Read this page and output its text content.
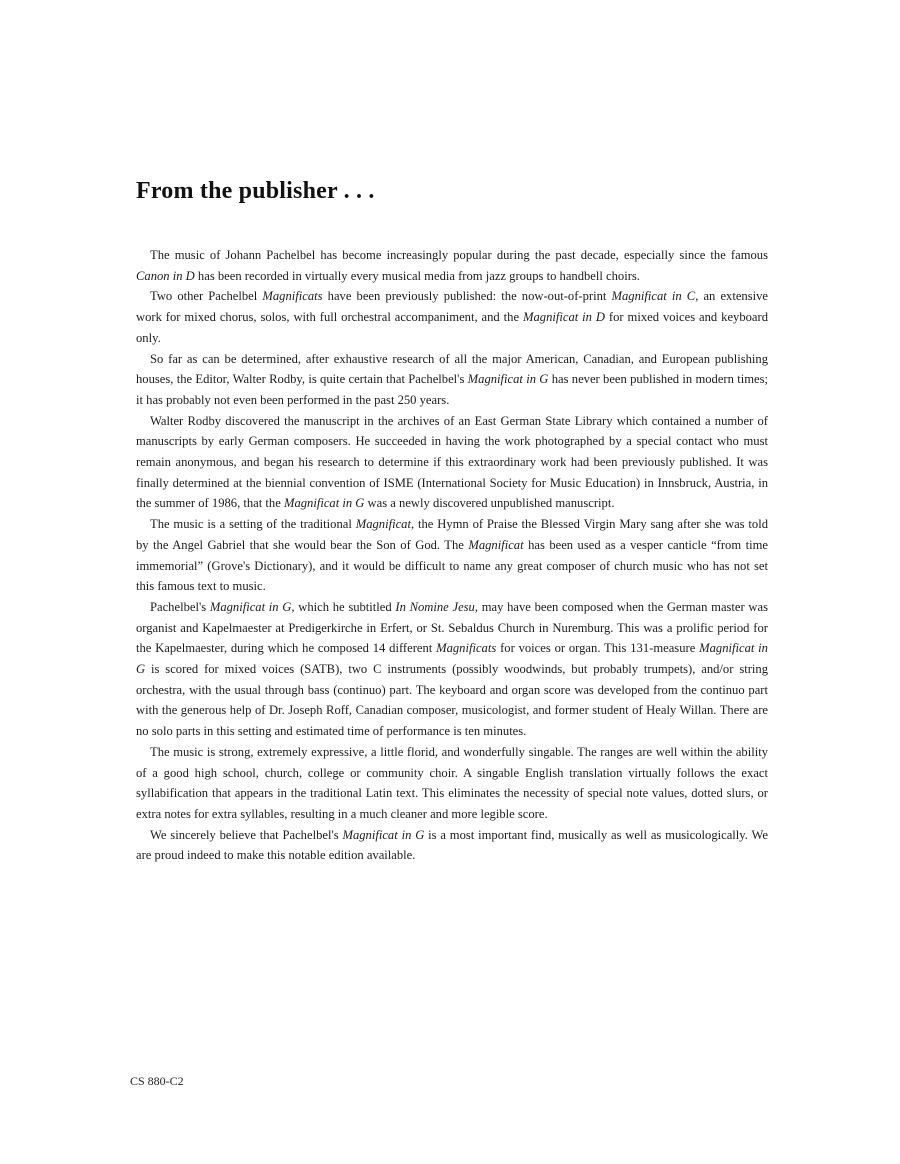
From the publisher . . .

The music of Johann Pachelbel has become increasingly popular during the past decade, especially since the famous Canon in D has been recorded in virtually every musical media from jazz groups to handbell choirs.

Two other Pachelbel Magnificats have been previously published: the now-out-of-print Magnificat in C, an extensive work for mixed chorus, solos, with full orchestral accompaniment, and the Magnificat in D for mixed voices and keyboard only.

So far as can be determined, after exhaustive research of all the major American, Canadian, and European publishing houses, the Editor, Walter Rodby, is quite certain that Pachelbel's Magnificat in G has never been published in modern times; it has probably not even been performed in the past 250 years.

Walter Rodby discovered the manuscript in the archives of an East German State Library which contained a number of manuscripts by early German composers. He succeeded in having the work photographed by a special contact who must remain anonymous, and began his research to determine if this extraordinary work had been previously published. It was finally determined at the biennial convention of ISME (International Society for Music Education) in Innsbruck, Austria, in the summer of 1986, that the Magnificat in G was a newly discovered unpublished manuscript.

The music is a setting of the traditional Magnificat, the Hymn of Praise the Blessed Virgin Mary sang after she was told by the Angel Gabriel that she would bear the Son of God. The Magnificat has been used as a vesper canticle “from time immemorial” (Grove's Dictionary), and it would be difficult to name any great composer of church music who has not set this famous text to music.

Pachelbel's Magnificat in G, which he subtitled In Nomine Jesu, may have been composed when the German master was organist and Kapelmaester at Predigerkirche in Erfert, or St. Sebaldus Church in Nuremburg. This was a prolific period for the Kapelmaester, during which he composed 14 different Magnificats for voices or organ. This 131-measure Magnificat in G is scored for mixed voices (SATB), two C instruments (possibly woodwinds, but probably trumpets), and/or string orchestra, with the usual through bass (continuo) part. The keyboard and organ score was developed from the continuo part with the generous help of Dr. Joseph Roff, Canadian composer, musicologist, and former student of Healy Willan. There are no solo parts in this setting and estimated time of performance is ten minutes.

The music is strong, extremely expressive, a little florid, and wonderfully singable. The ranges are well within the ability of a good high school, church, college or community choir. A singable English translation virtually follows the exact syllabification that appears in the traditional Latin text. This eliminates the necessity of special note values, dotted slurs, or extra notes for extra syllables, resulting in a much cleaner and more legible score.

We sincerely believe that Pachelbel's Magnificat in G is a most important find, musically as well as musicologically. We are proud indeed to make this notable edition available.

CS 880-C2
